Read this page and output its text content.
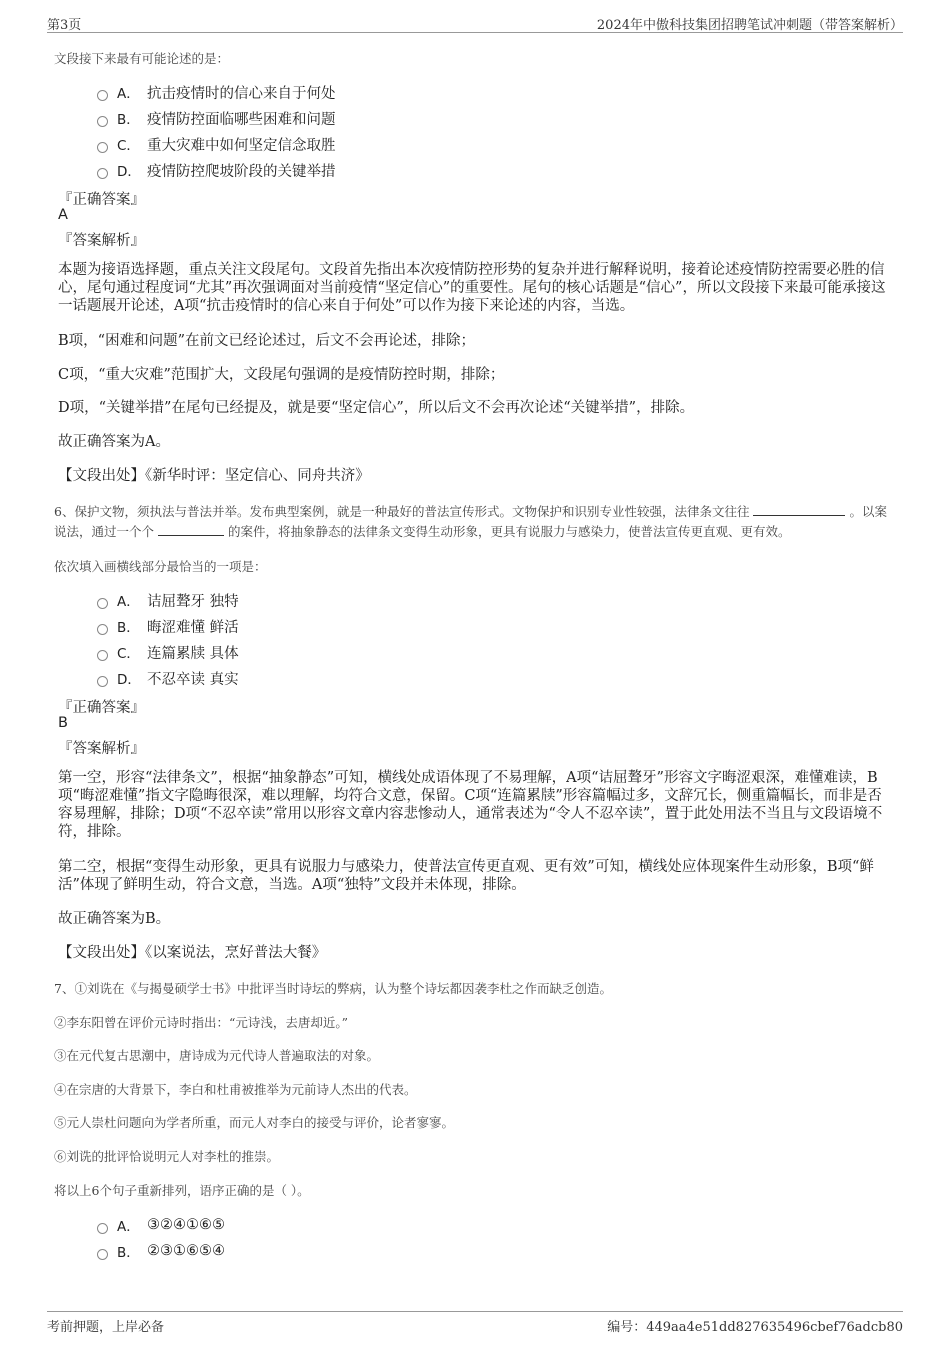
第3页	2024年中傲科技集团招聘笔试冲刺题（带答案解析）
文段接下来最有可能论述的是：
A． 抗击疫情时的信心来自于何处
B． 疫情防控面临哪些困难和问题
C． 重大灾难中如何坚定信念取胜
D． 疫情防控爬坡阶段的关键举措
『正确答案』
A
『答案解析』
本题为接语选择题，重点关注文段尾句。文段首先指出本次疫情防控形势的复杂并进行解释说明，接着论述疫情防控需要必胜的信心，尾句通过程度词“尤其”再次强调面对当前疫情“坚定信心”的重要性。尾句的核心话题是“信心”，所以文段接下来最可能承接这一话题展开论述，A项“抗击疫情时的信心来自于何处”可以作为接下来论述的内容，当选。
B项，“困难和问题”在前文已经论述过，后文不会再论述，排除；
C项，“重大灾难”范围扩大，文段尾句强调的是疫情防控时期，排除；
D项，“关键举措”在尾句已经提及，就是要“坚定信心”，所以后文不会再次论述“关键举措”，排除。
故正确答案为A。
【文段出处】《新华时评：坚定信心、同舟共济》
6、保护文物，须执法与普法并举。发布典型案例，就是一种最好的普法宣传形式。文物保护和识别专业性较强，法律条文往往	。以案说法，通过一个个	的案件，将抽象静态的法律条文变得生动形象，更具有说服力与感染力，使普法宣传更直观、更有效。
依次填入画横线部分最恰当的一项是：
A． 诘屈聱牙 独特
B． 晦涩难懂 鲜活
C． 连篇累牍 具体
D． 不忍卒读 真实
『正确答案』
B
『答案解析』
第一空，形容“法律条文”，根据“抽象静态”可知，横线处成语体现了不易理解，A项“诘屈聱牙”形容文字晦涩艰深，难懂难读，B项“晦涩难懂”指文字隐晦很深，难以理解，均符合文意，保留。C项“连篇累牍”形容篇幅过多，文辞冗长，侧重篇幅长，而非是否容易理解，排除；D项“不忍卒读”常用以形容文章内容悲惨动人，通常表述为“令人不忍卒读”，置于此处用法不当且与文段语境不符，排除。
第二空，根据“变得生动形象，更具有说服力与感染力，使普法宣传更直观、更有效”可知，横线处应体现案件生动形象，B项“鲜活”体现了鲜明生动，符合文意，当选。A项“独特”文段并未体现，排除。
故正确答案为B。
【文段出处】《以案说法，烹好普法大餐》
7、①刘诜在《与揭曼硕学士书》中批评当时诗坛的弊病，认为整个诗坛都因袭李杜之作而缺乏创造。
②李东阳曾在评价元诗时指出：“元诗浅，去唐却近。”
③在元代复古思潮中，唐诗成为元代诗人普遍取法的对象。
④在宗唐的大背景下，李白和杜甫被推举为元前诗人杰出的代表。
⑤元人崇杜问题向为学者所重，而元人对李白的接受与评价，论者寥寥。
⑥刘诜的批评恰说明元人对李杜的推崇。
将以上6个句子重新排列，语序正确的是（ ）。
A． ③②④①⑥⑤
B． ②③①⑥⑤④
考前押题，上岸必备	编号：449aa4e51dd827635496cbef76adcb80
